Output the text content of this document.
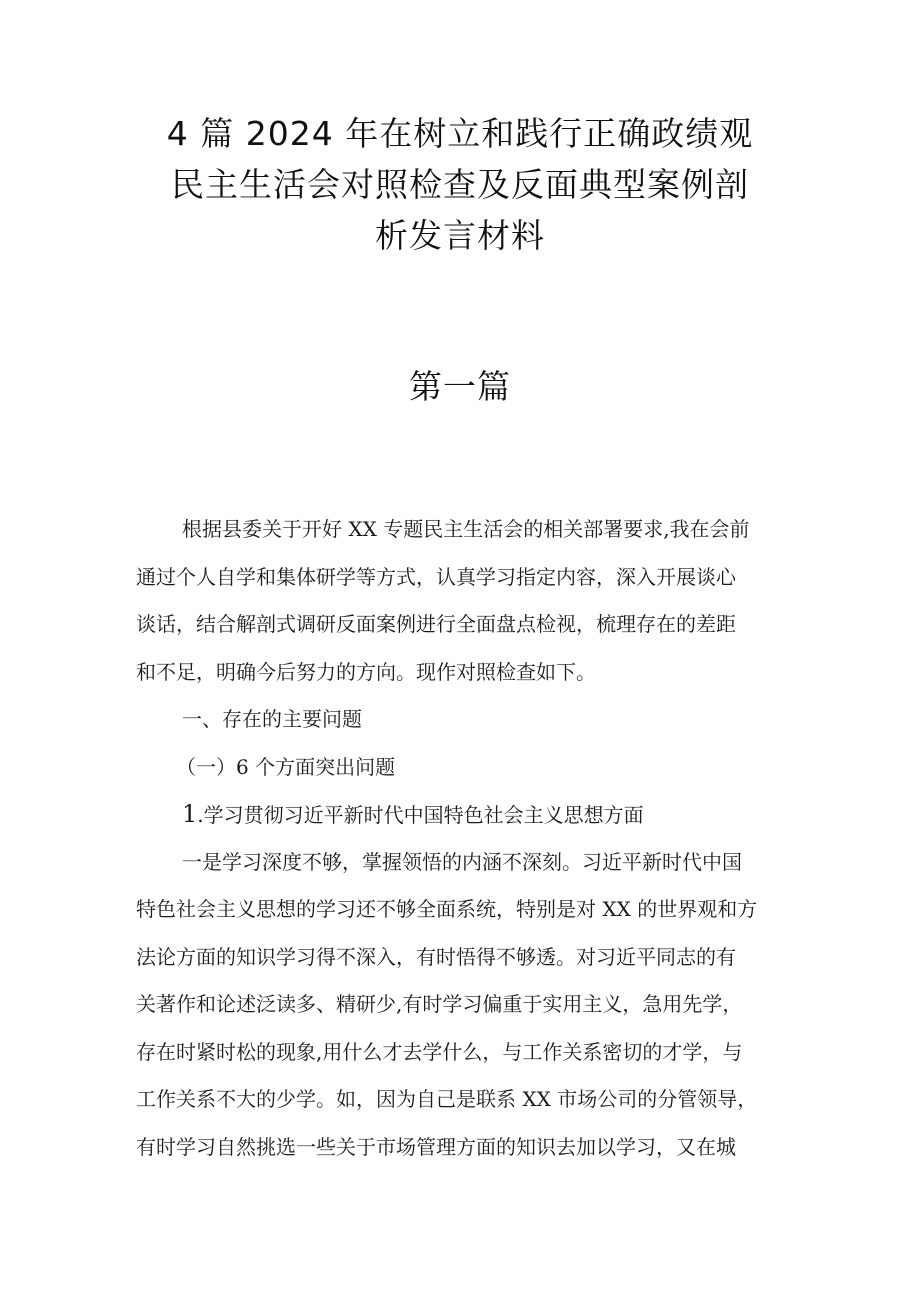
4 篇 2024 年在树立和践行正确政绩观
民主生活会对照检查及反面典型案例剖
析发言材料
第一篇
根据县委关于开好 XX 专题民主生活会的相关部署要求,我在会前
通过个人自学和集体研学等方式，认真学习指定内容，深入开展谈心
谈话，结合解剖式调研反面案例进行全面盘点检视，梳理存在的差距
和不足，明确今后努力的方向。现作对照检查如下。
一、存在的主要问题
（一）6 个方面突出问题
1.学习贯彻习近平新时代中国特色社会主义思想方面
一是学习深度不够，掌握领悟的内涵不深刻。习近平新时代中国
特色社会主义思想的学习还不够全面系统，特别是对 XX 的世界观和方
法论方面的知识学习得不深入，有时悟得不够透。对习近平同志的有
关著作和论述泛读多、精研少,有时学习偏重于实用主义，急用先学，
存在时紧时松的现象,用什么才去学什么，与工作关系密切的才学，与
工作关系不大的少学。如，因为自己是联系 XX 市场公司的分管领导，
有时学习自然挑选一些关于市场管理方面的知识去加以学习，又在城
